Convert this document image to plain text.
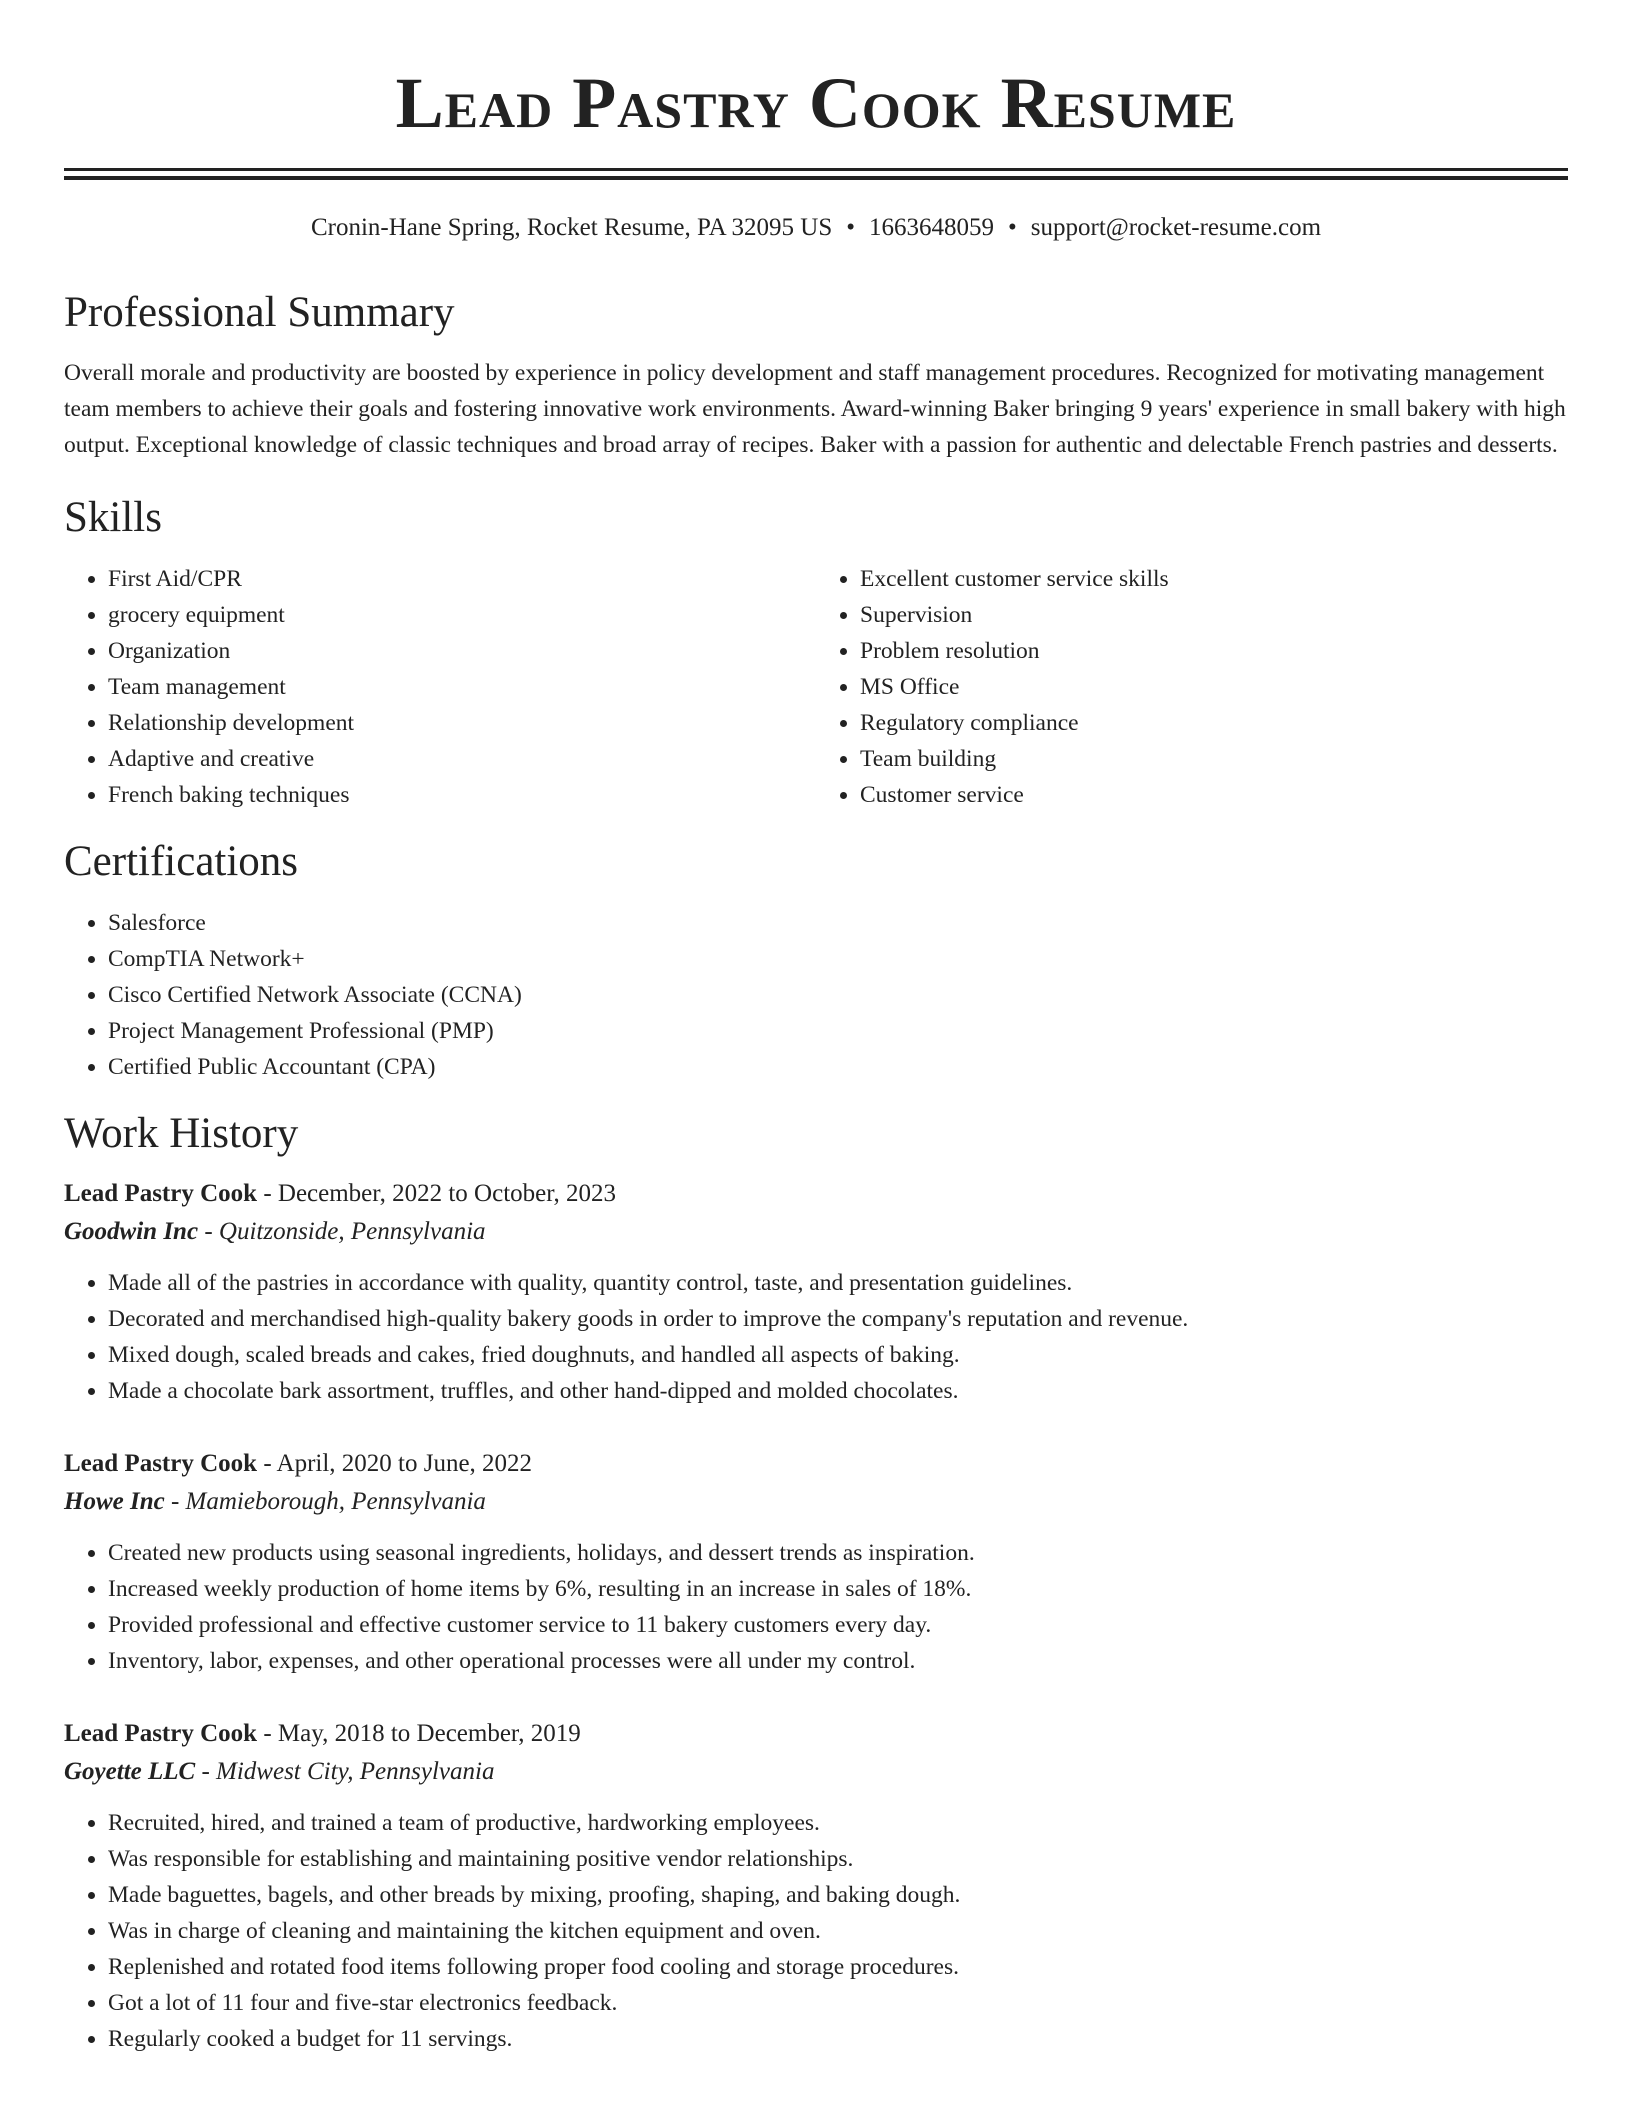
Lead Pastry Cook Resume
Cronin-Hane Spring, Rocket Resume, PA 32095 US • 1663648059 • support@rocket-resume.com
Professional Summary

Overall morale and productivity are boosted by experience in policy development and staff management procedures. Recognized for motivating management team members to achieve their goals and fostering innovative work environments. Award-winning Baker bringing 9 years' experience in small bakery with high output. Exceptional knowledge of classic techniques and broad array of recipes. Baker with a passion for authentic and delectable French pastries and desserts.

Skills
• First Aid/CPR
• grocery equipment
• Organization
• Team management
• Relationship development
• Adaptive and creative
• French baking techniques
• Excellent customer service skills
• Supervision
• Problem resolution
• MS Office
• Regulatory compliance
• Team building
• Customer service
Certifications
• Salesforce
• CompTIA Network+
• Cisco Certified Network Associate (CCNA)
• Project Management Professional (PMP)
• Certified Public Accountant (CPA)
Work History
Lead Pastry Cook - December, 2022 to October, 2023
Goodwin Inc - Quitzonside, Pennsylvania
• Made all of the pastries in accordance with quality, quantity control, taste, and presentation guidelines.
• Decorated and merchandised high-quality bakery goods in order to improve the company's reputation and revenue.
• Mixed dough, scaled breads and cakes, fried doughnuts, and handled all aspects of baking.
• Made a chocolate bark assortment, truffles, and other hand-dipped and molded chocolates.
Lead Pastry Cook - April, 2020 to June, 2022
Howe Inc - Mamieborough, Pennsylvania
• Created new products using seasonal ingredients, holidays, and dessert trends as inspiration.
• Increased weekly production of home items by 6%, resulting in an increase in sales of 18%.
• Provided professional and effective customer service to 11 bakery customers every day.
• Inventory, labor, expenses, and other operational processes were all under my control.
Lead Pastry Cook - May, 2018 to December, 2019
Goyette LLC - Midwest City, Pennsylvania
• Recruited, hired, and trained a team of productive, hardworking employees.
• Was responsible for establishing and maintaining positive vendor relationships.
• Made baguettes, bagels, and other breads by mixing, proofing, shaping, and baking dough.
• Was in charge of cleaning and maintaining the kitchen equipment and oven.
• Replenished and rotated food items following proper food cooling and storage procedures.
• Got a lot of 11 four and five-star electronics feedback.
• Regularly cooked a budget for 11 servings.
